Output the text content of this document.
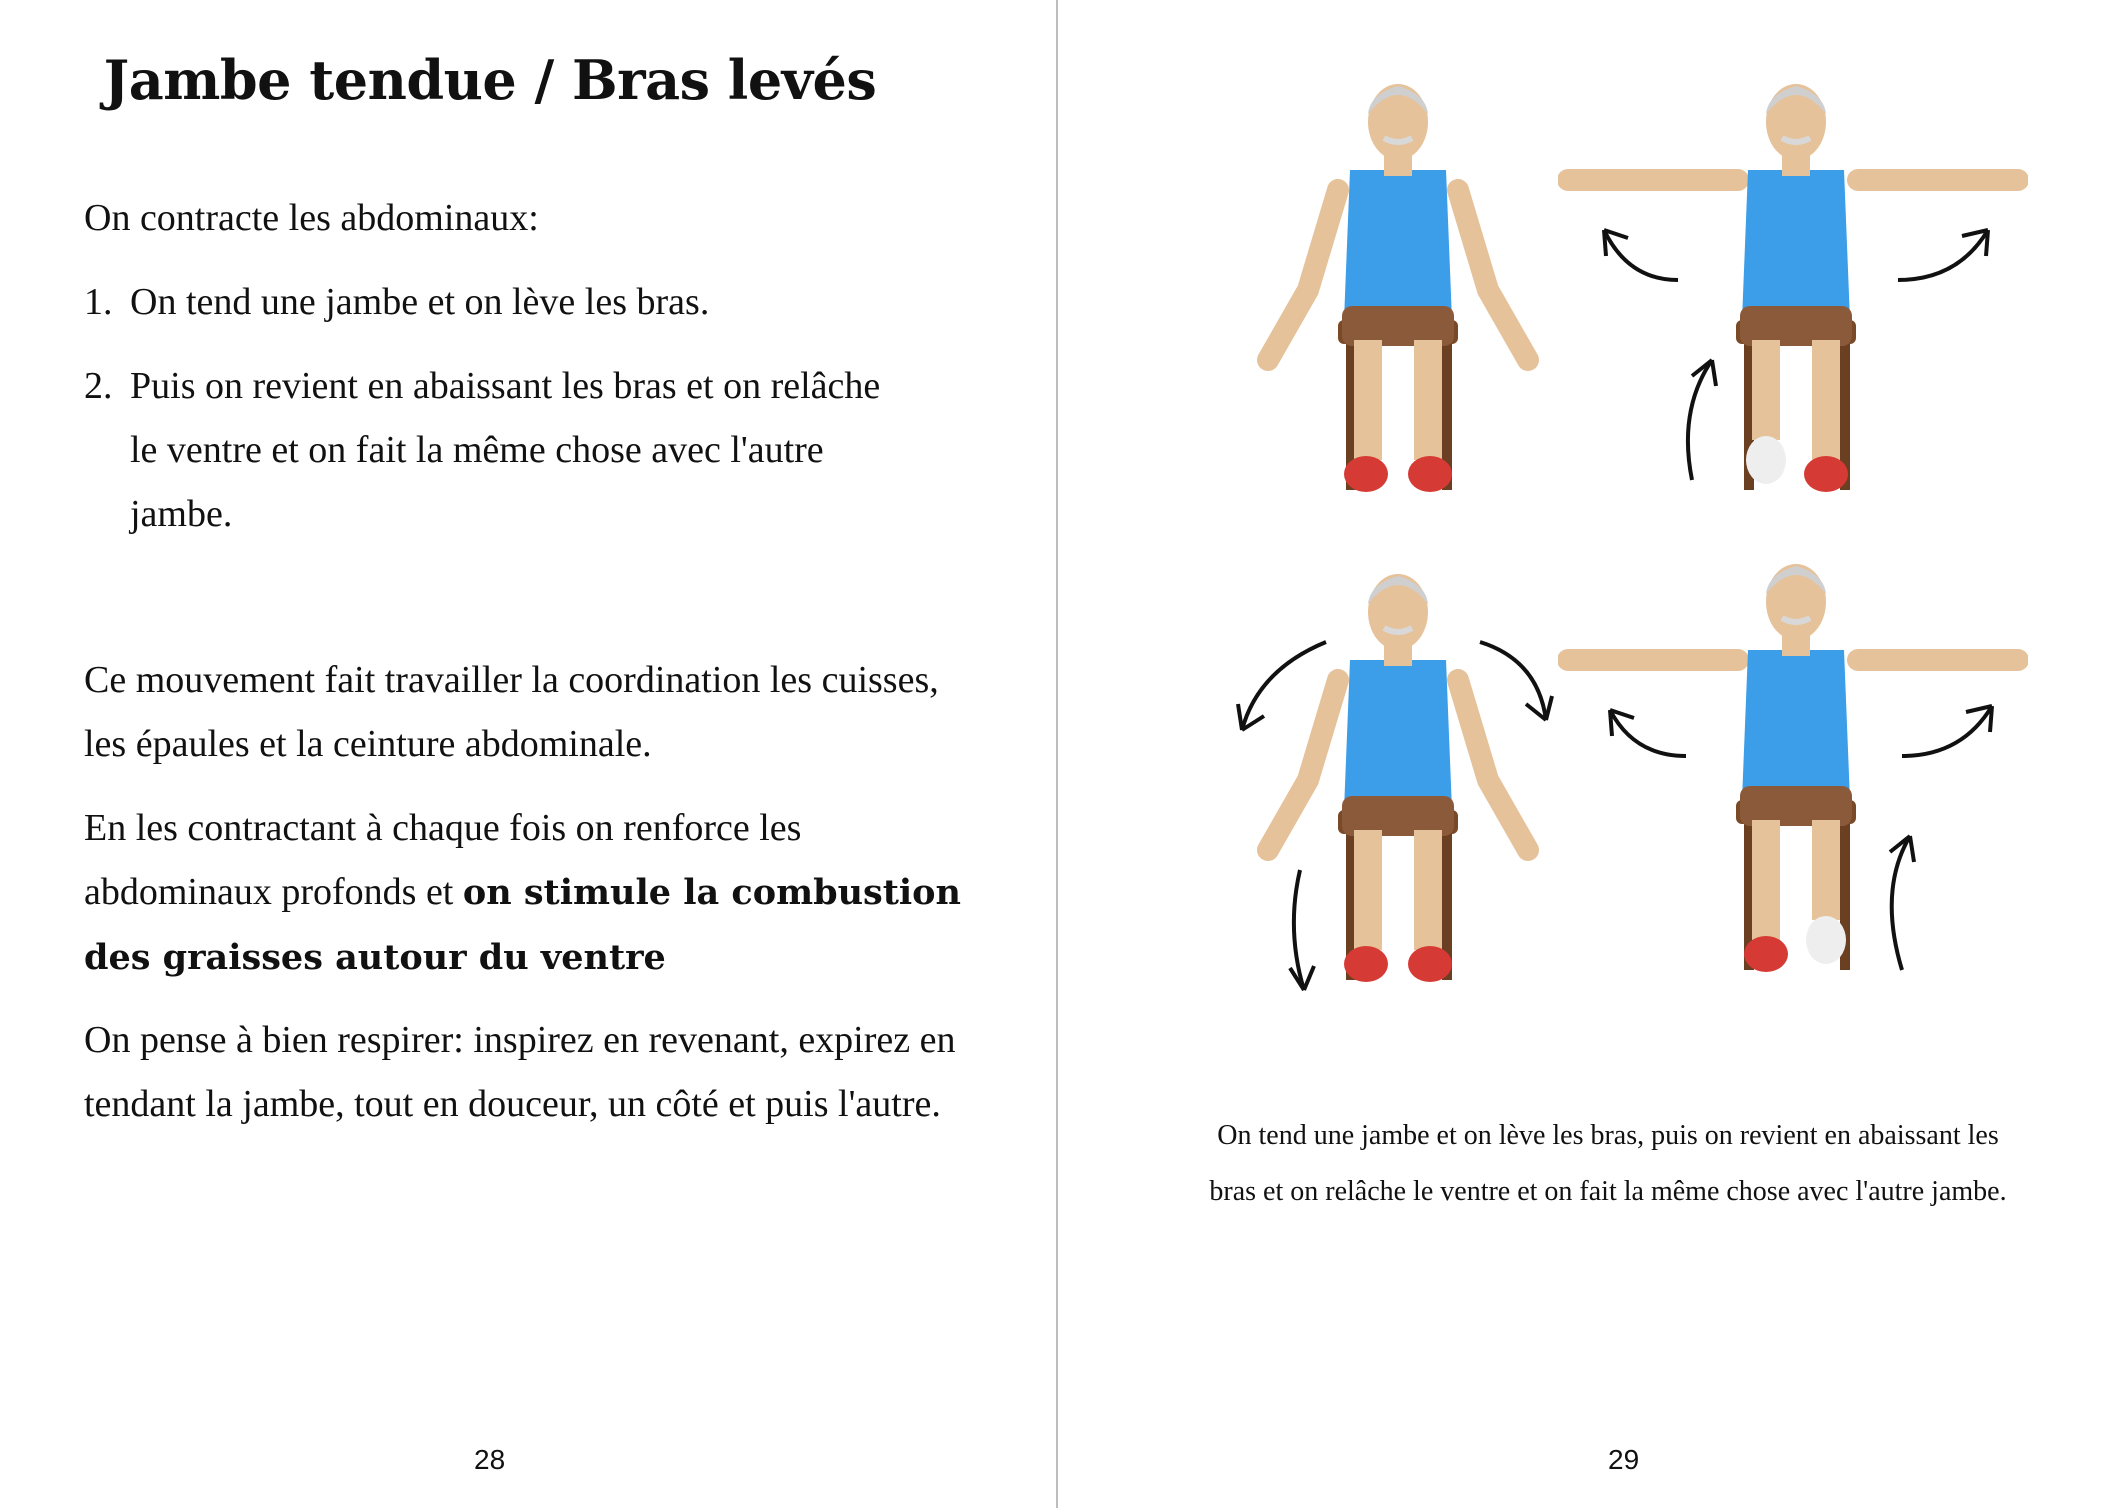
Jambe tendue / Bras levés

On contracte les abdominaux:

1. On tend une jambe et on lève les bras.
2. Puis on revient en abaissant les bras et on relâche le ventre et on fait la même chose avec l'autre jambe.

Ce mouvement fait travailler la coordination les cuisses, les épaules et la ceinture abdominale.

En les contractant à chaque fois on renforce les abdominaux profonds et on stimule la combustion des graisses autour du ventre

On pense à bien respirer: inspirez en revenant, expirez en tendant la jambe, tout en douceur, un côté et puis l'autre.

28
On tend une jambe et on lève les bras, puis on revient en abaissant les bras et on relâche le ventre et on fait la même chose avec l'autre jambe.
29
